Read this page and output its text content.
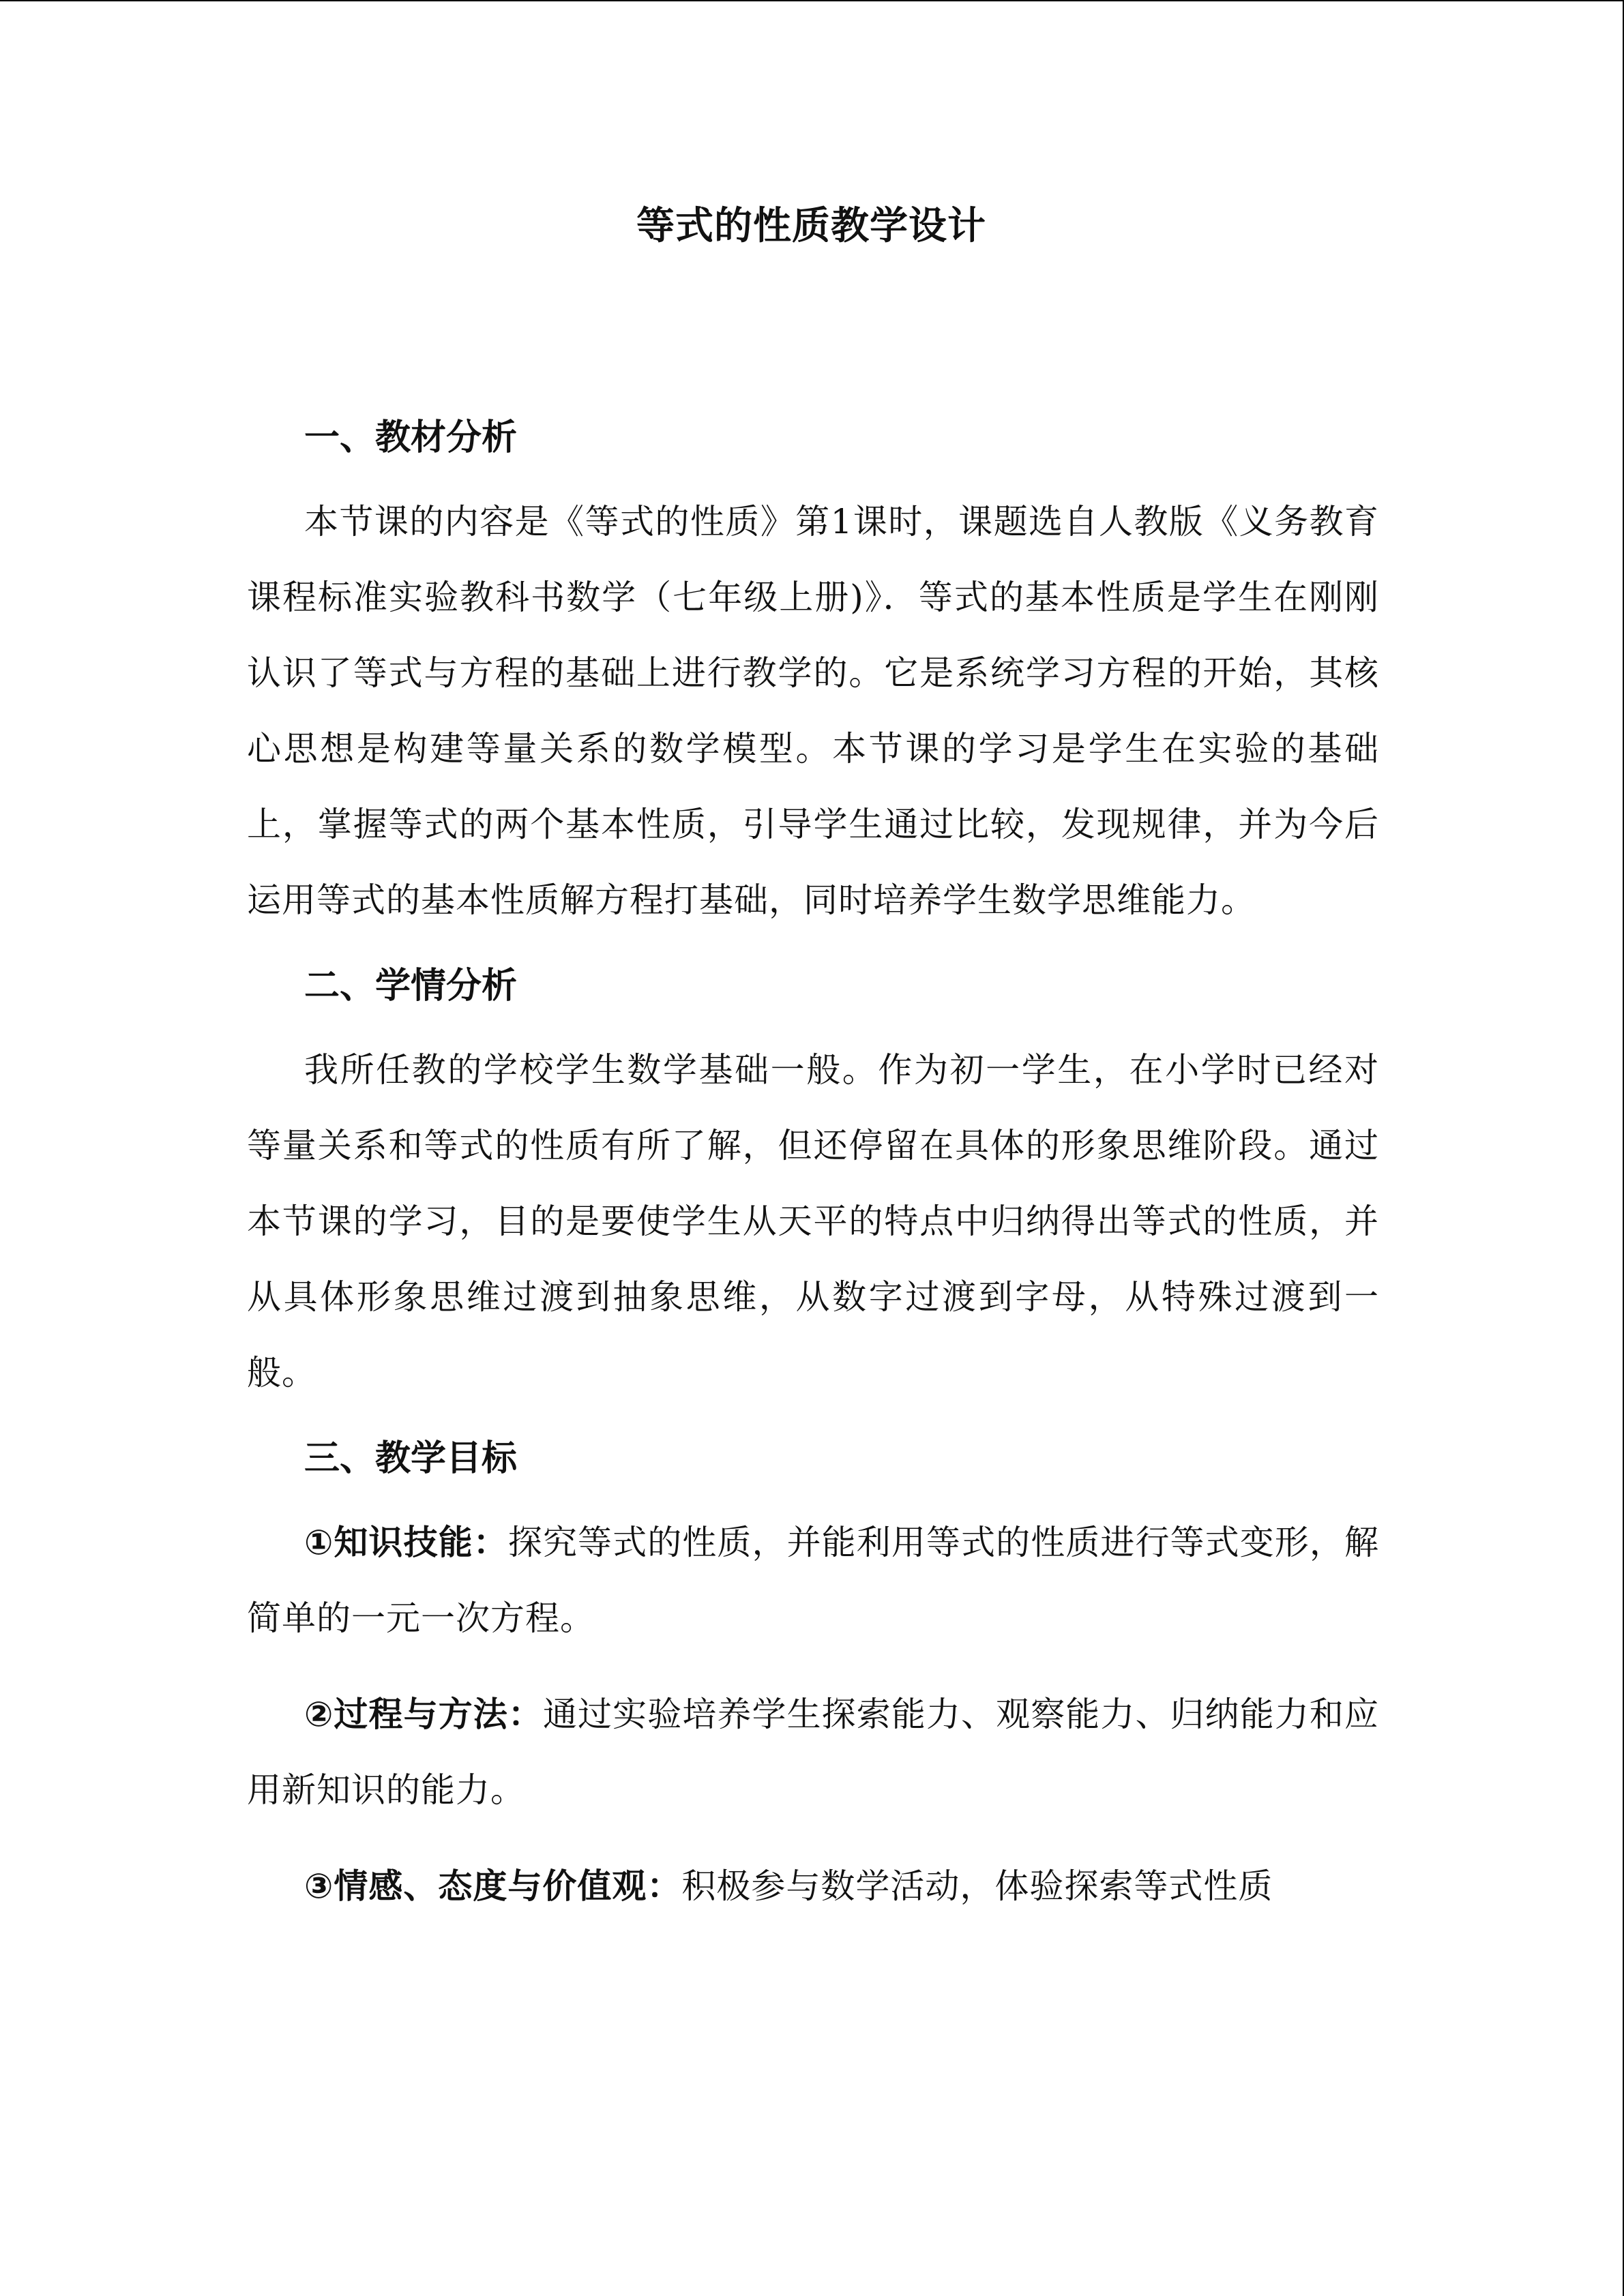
等式的性质教学设计
一、教材分析

本节课的内容是《等式的性质》第1课时，课题选自人教版《义务教育课程标准实验教科书数学（七年级上册)》．等式的基本性质是学生在刚刚认识了等式与方程的基础上进行教学的。它是系统学习方程的开始，其核心思想是构建等量关系的数学模型。本节课的学习是学生在实验的基础上，掌握等式的两个基本性质，引导学生通过比较，发现规律，并为今后运用等式的基本性质解方程打基础，同时培养学生数学思维能力。

二、学情分析

我所任教的学校学生数学基础一般。作为初一学生，在小学时已经对等量关系和等式的性质有所了解，但还停留在具体的形象思维阶段。通过本节课的学习，目的是要使学生从天平的特点中归纳得出等式的性质，并从具体形象思维过渡到抽象思维，从数字过渡到字母，从特殊过渡到一般。

三、教学目标

①知识技能：探究等式的性质，并能利用等式的性质进行等式变形，解简单的一元一次方程。

②过程与方法：通过实验培养学生探索能力、观察能力、归纳能力和应用新知识的能力。

③情感、态度与价值观：积极参与数学活动，体验探索等式性质
